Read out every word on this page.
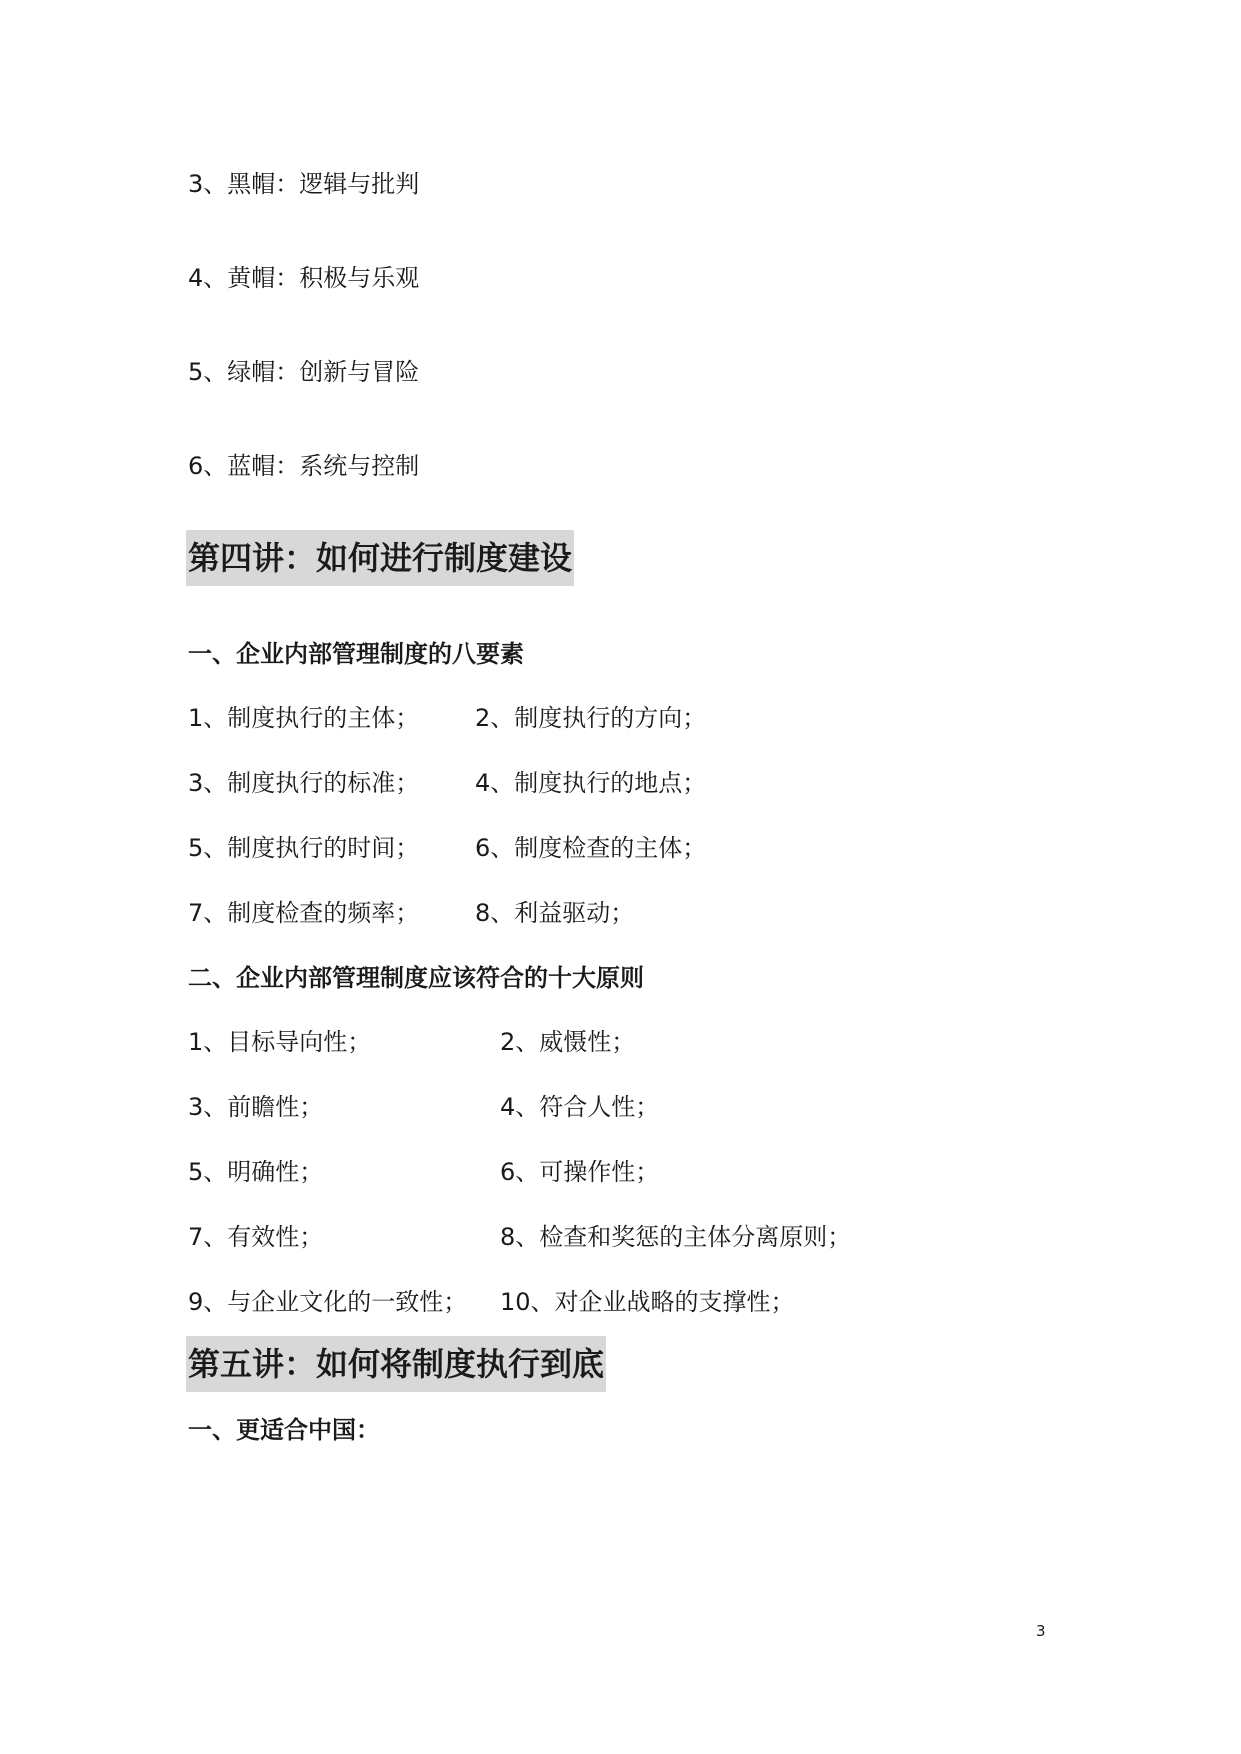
3、黑帽：逻辑与批判
4、黄帽：积极与乐观
5、绿帽：创新与冒险
6、蓝帽：系统与控制
第四讲：如何进行制度建设
一、企业内部管理制度的八要素
1、制度执行的主体； 2、制度执行的方向；
3、制度执行的标准； 4、制度执行的地点；
5、制度执行的时间； 6、制度检查的主体；
7、制度检查的频率； 8、利益驱动；
二、企业内部管理制度应该符合的十大原则
1、目标导向性；	2、威慑性；
3、前瞻性；	4、符合人性；
5、明确性；	6、可操作性；
7、有效性；	8、检查和奖惩的主体分离原则；
9、与企业文化的一致性； 10、对企业战略的支撑性；
第五讲：如何将制度执行到底
一、更适合中国：
3
